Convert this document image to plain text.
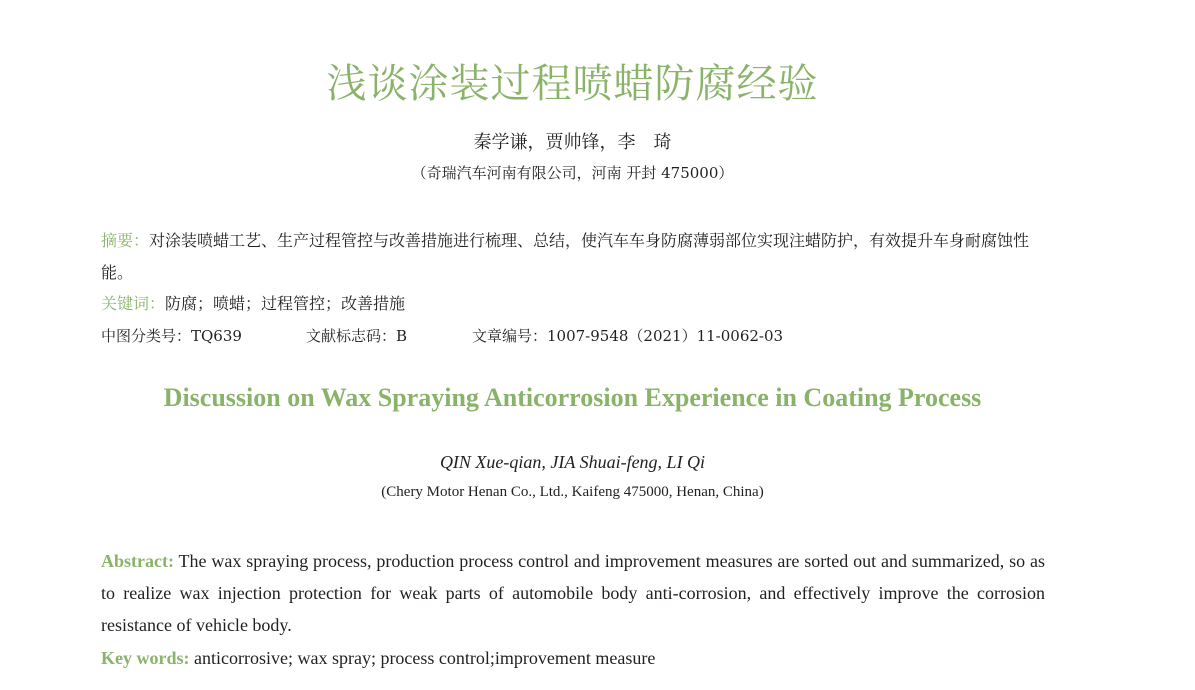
浅谈涂装过程喷蜡防腐经验
秦学谦，贾帅锋，李　琦
（奇瑞汽车河南有限公司，河南 开封 475000）
摘要：对涂装喷蜡工艺、生产过程管控与改善措施进行梳理、总结，使汽车车身防腐薄弱部位实现注蜡防护，有效提升车身耐腐蚀性能。
关键词：防腐；喷蜡；过程管控；改善措施
中图分类号：TQ639	文献标志码：B	文章编号：1007-9548（2021）11-0062-03
Discussion on Wax Spraying Anticorrosion Experience in Coating Process
QIN Xue-qian, JIA Shuai-feng, LI Qi
(Chery Motor Henan Co., Ltd., Kaifeng 475000, Henan, China)
Abstract: The wax spraying process, production process control and improvement measures are sorted out and summarized, so as to realize wax injection protection for weak parts of automobile body anti-corrosion, and effectively improve the corrosion resistance of vehicle body.
Key words: anticorrosive; wax spray; process control;improvement measure
